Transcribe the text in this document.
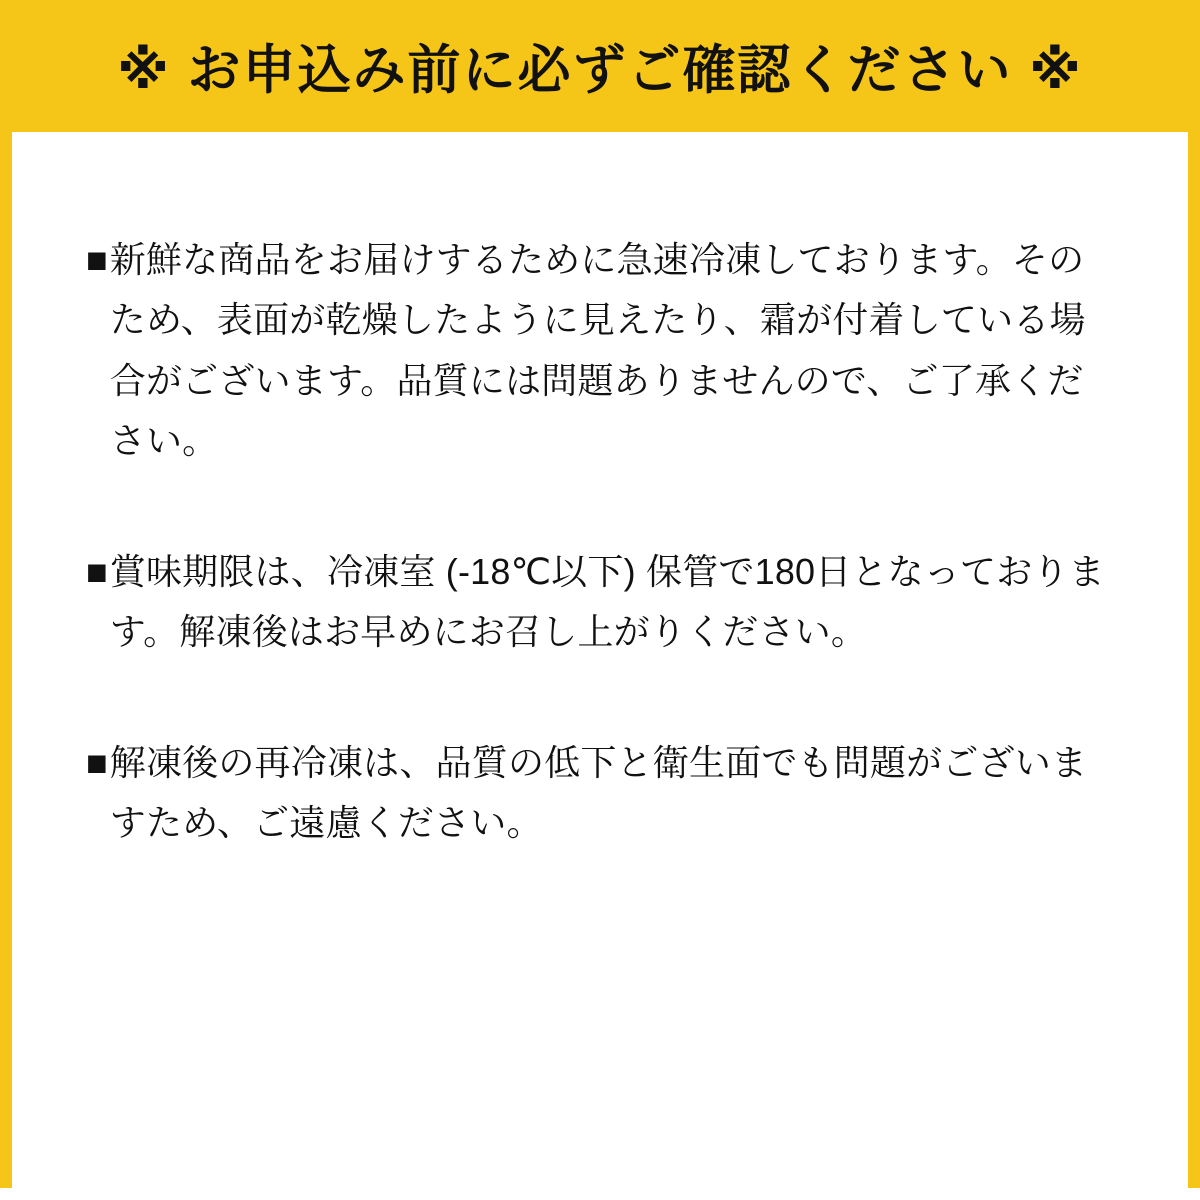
※ お申込み前に必ずご確認ください ※
■ 新鮮な商品をお届けするために急速冷凍しております。そのため、表面が乾燥したように見えたり、霜が付着している場合がございます。品質には問題ありませんので、ご了承ください。
■ 賞味期限は、冷凍室 (-18℃以下) 保管で180日となっております。解凍後はお早めにお召し上がりください。
■ 解凍後の再冷凍は、品質の低下と衛生面でも問題がございますため、ご遠慮ください。
